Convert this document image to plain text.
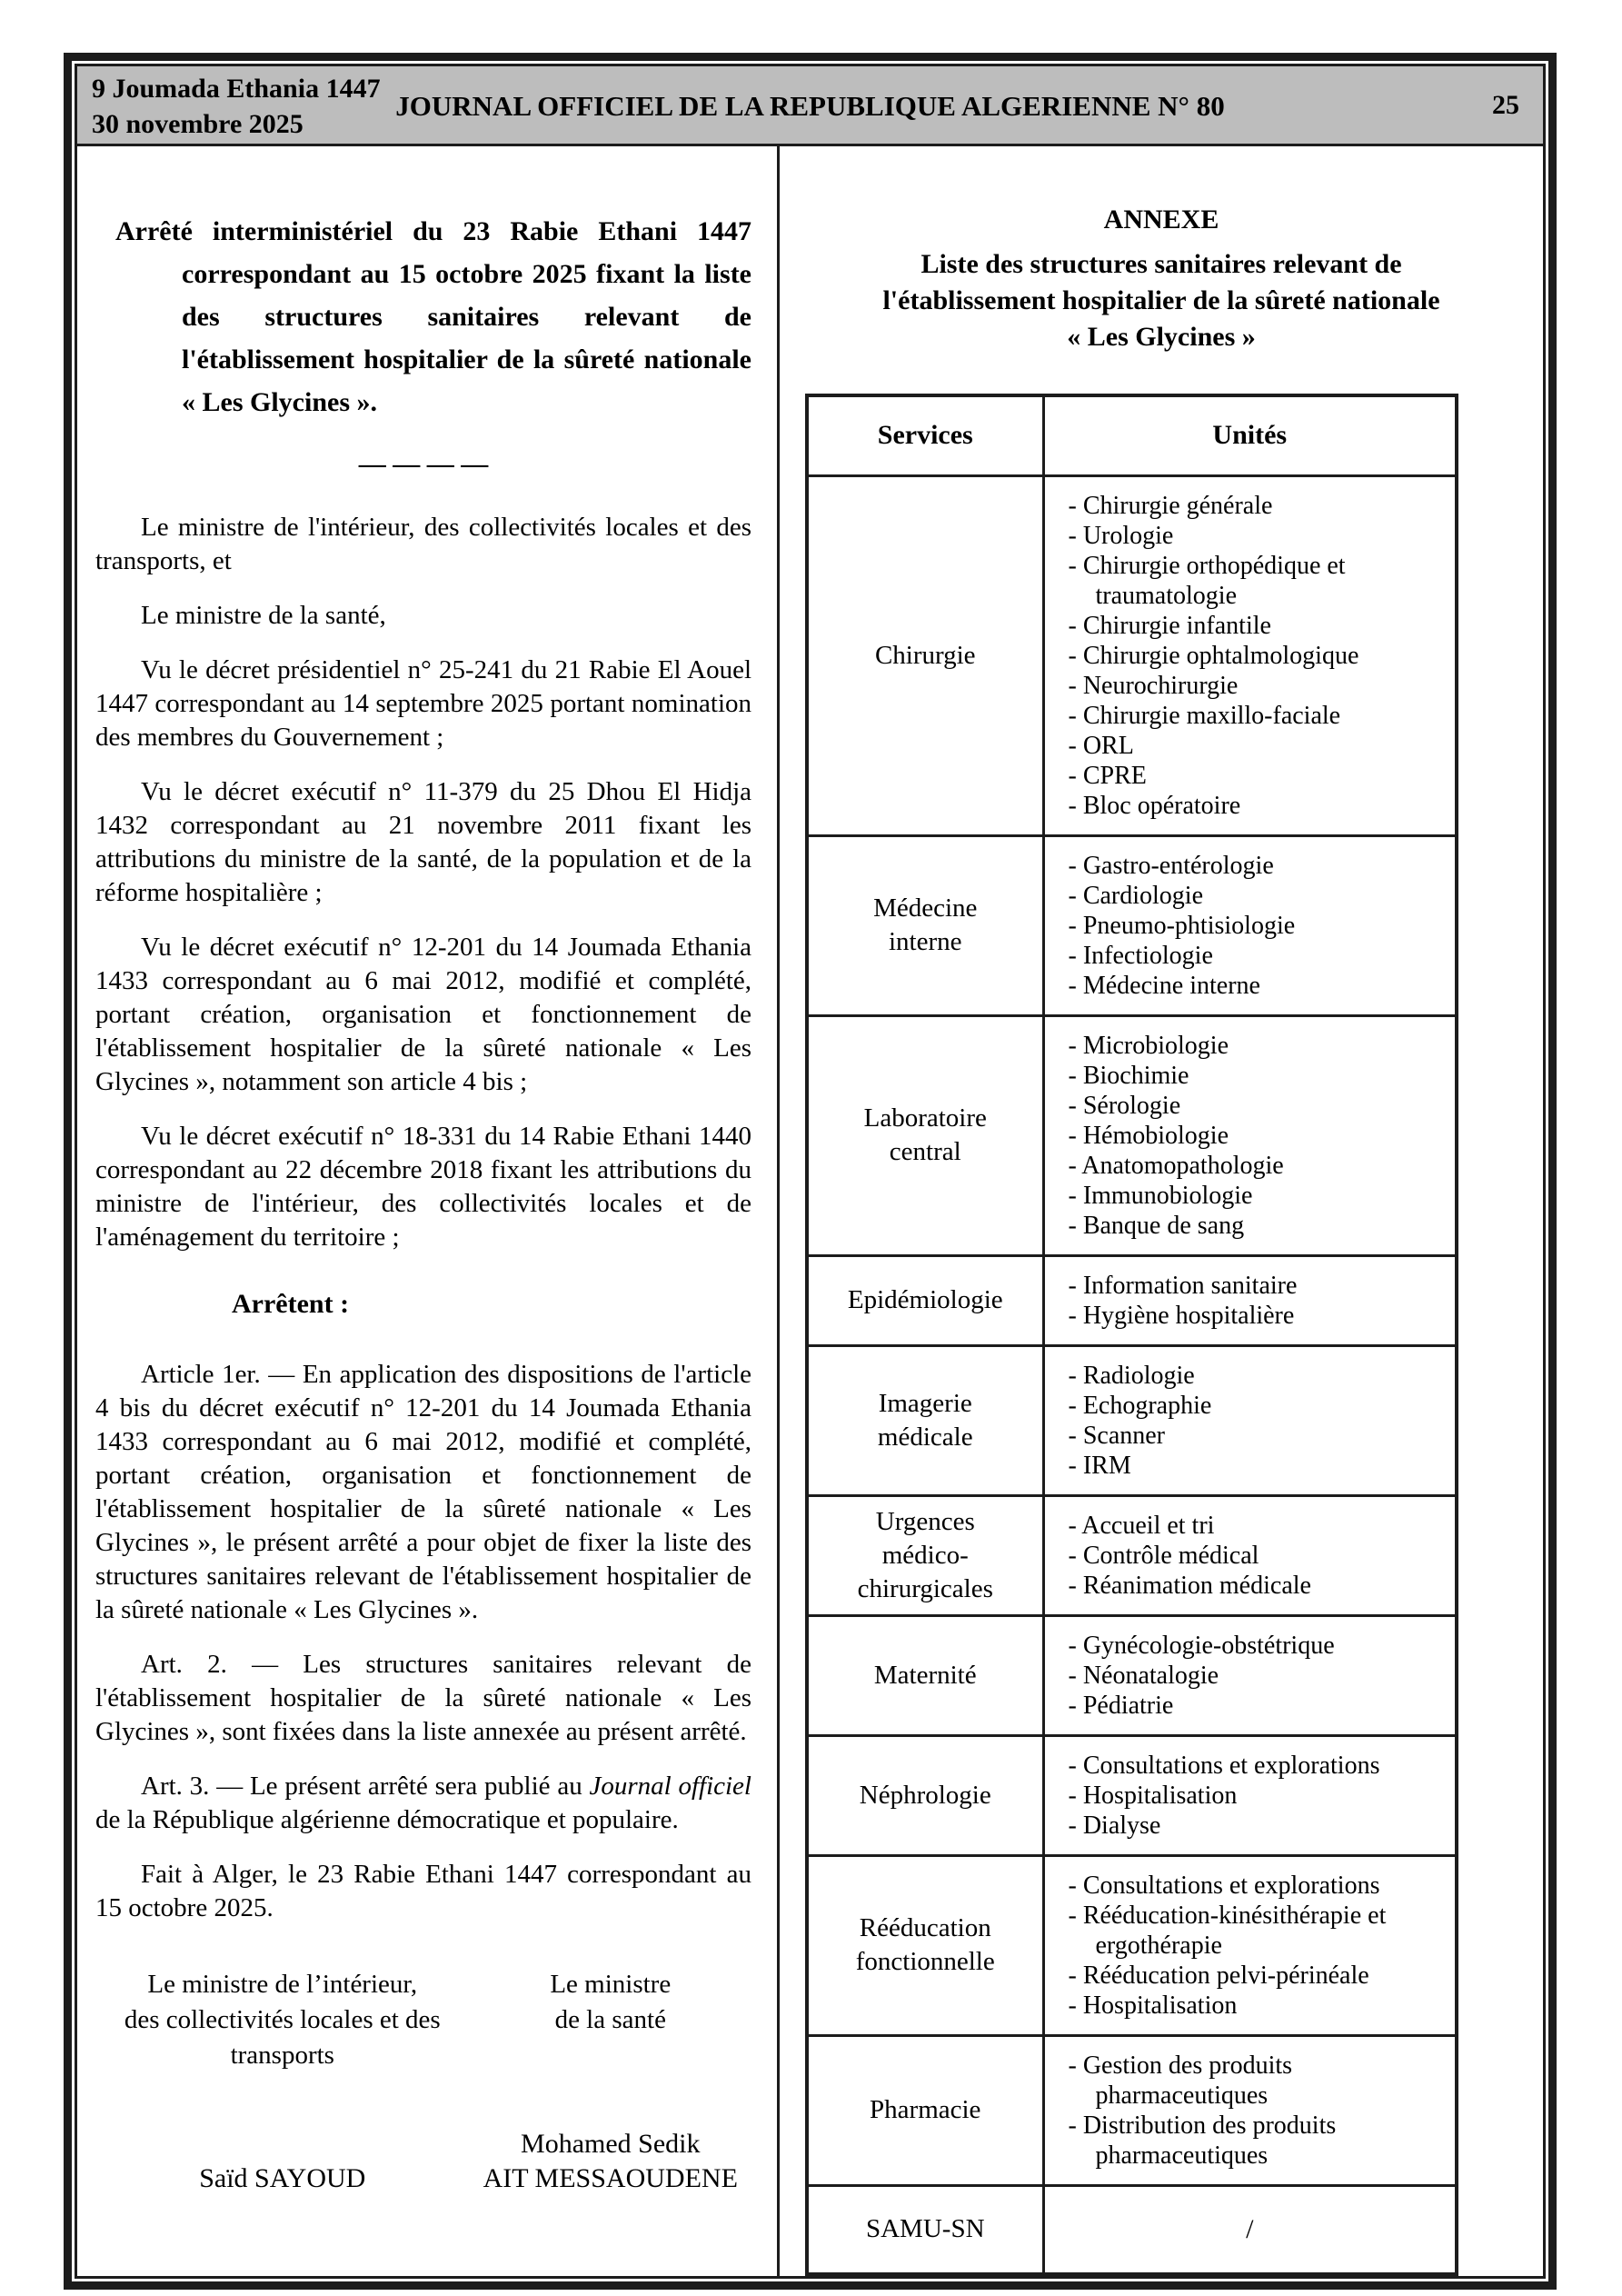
9 Joumada Ethania 1447
30 novembre 2025
JOURNAL OFFICIEL DE LA REPUBLIQUE ALGERIENNE N° 80	25
Arrêté interministériel du 23 Rabie Ethani 1447 correspondant au 15 octobre 2025 fixant la liste des structures sanitaires relevant de l'établissement hospitalier de la sûreté nationale « Les Glycines ».
— — — —

Le ministre de l'intérieur, des collectivités locales et des transports, et

Le ministre de la santé,

Vu le décret présidentiel n° 25-241 du 21 Rabie El Aouel 1447 correspondant au 14 septembre 2025 portant nomination des membres du Gouvernement ;

Vu le décret exécutif n° 11-379 du 25 Dhou El Hidja 1432 correspondant au 21 novembre 2011 fixant les attributions du ministre de la santé, de la population et de la réforme hospitalière ;

Vu le décret exécutif n° 12-201 du 14 Joumada Ethania 1433 correspondant au 6 mai 2012, modifié et complété, portant création, organisation et fonctionnement de l'établissement hospitalier de la sûreté nationale « Les Glycines », notamment son article 4 bis ;

Vu le décret exécutif n° 18-331 du 14 Rabie Ethani 1440 correspondant au 22 décembre 2018 fixant les attributions du ministre de l'intérieur, des collectivités locales et de l'aménagement du territoire ;

Arrêtent :

Article 1er. — En application des dispositions de l'article 4 bis du décret exécutif n° 12-201 du 14 Joumada Ethania 1433 correspondant au 6 mai 2012, modifié et complété, portant création, organisation et fonctionnement de l'établissement hospitalier de la sûreté nationale « Les Glycines », le présent arrêté a pour objet de fixer la liste des structures sanitaires relevant de l'établissement hospitalier de la sûreté nationale « Les Glycines ».

Art. 2. — Les structures sanitaires relevant de l'établissement hospitalier de la sûreté nationale « Les Glycines », sont fixées dans la liste annexée au présent arrêté.

Art. 3. — Le présent arrêté sera publié au Journal officiel de la République algérienne démocratique et populaire.

Fait à Alger, le 23 Rabie Ethani 1447 correspondant au 15 octobre 2025.

Le ministre de l’intérieur,
des collectivités locales et des
transports
Saïd SAYOUD
Le ministre
de la santé
Mohamed Sedik
AIT MESSAOUDENE
ANNEXE
Liste des structures sanitaires relevant de
l'établissement hospitalier de la sûreté nationale
« Les Glycines »
Services	Unités
Chirurgie	
- Chirurgie générale
- Urologie
- Chirurgie orthopédique et traumatologie
- Chirurgie infantile
- Chirurgie ophtalmologique
- Neurochirurgie
- Chirurgie maxillo-faciale
- ORL
- CPRE
- Bloc opératoire

Médecine interne	- Gastro-entérologie
- Cardiologie
- Pneumo-phtisiologie
- Infectiologie
- Médecine interne

Laboratoire central	
- Microbiologie
- Biochimie
- Sérologie
- Hémobiologie
- Anatomopathologie
- Immunobiologie
- Banque de sang

Epidémiologie	- Information sanitaire
- Hygiène hospitalière

Imagerie médicale	- Radiologie
- Echographie
- Scanner
- IRM

Urgences médico-chirurgicales	- Accueil et tri
- Contrôle médical
- Réanimation médicale

Maternité	- Gynécologie-obstétrique
- Néonatalogie
- Pédiatrie

Néphrologie	- Consultations et explorations
- Hospitalisation
- Dialyse

Rééducation fonctionnelle	- Consultations et explorations
- Rééducation-kinésithérapie et ergothérapie
- Rééducation pelvi-périnéale
- Hospitalisation

Pharmacie	- Gestion des produits pharmaceutiques
- Distribution des produits pharmaceutiques

SAMU-SN	/
